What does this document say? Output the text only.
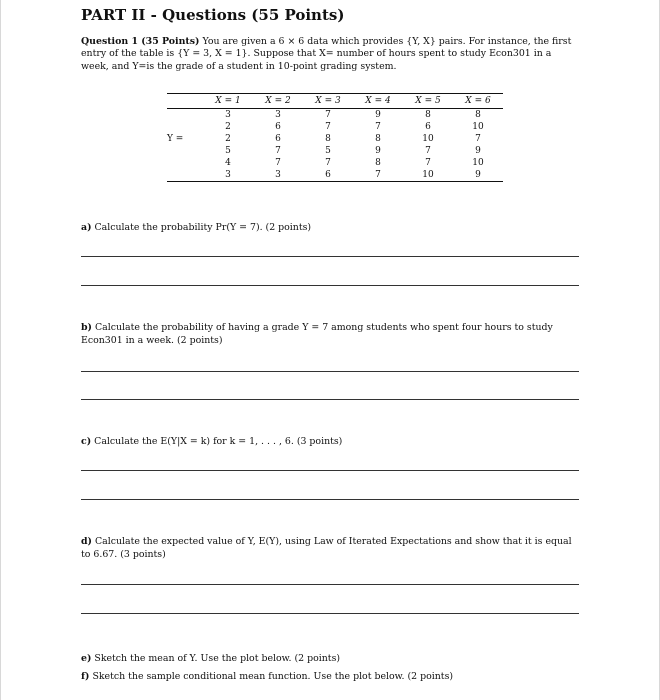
PART II - Questions (55 Points)

Question 1 (35 Points) You are given a 6 × 6 data which provides {Y, X} pairs. For instance, the first entry of the table is {Y = 3, X = 1}. Suppose that X= number of hours spent to study Econ301 in a week, and Y=is the grade of a student in 10-point grading system.

	X = 1	X = 2	X = 3	X = 4	X = 5	X = 6
	3	3	7	9	8	8
	2	6	7	7	6	10
Y =	2	6	8	8	10	7
	5	7	5	9	7	9
	4	7	7	8	7	10
	3	3	6	7	10	9

a) Calculate the probability Pr(Y = 7). (2 points)

b) Calculate the probability of having a grade Y = 7 among students who spent four hours to study Econ301 in a week. (2 points)

c) Calculate the E(Y|X = k) for k = 1, . . . , 6. (3 points)

d) Calculate the expected value of Y, E(Y), using Law of Iterated Expectations and show that it is equal to 6.67. (3 points)

e) Sketch the mean of Y. Use the plot below. (2 points)

f) Sketch the sample conditional mean function. Use the plot below. (2 points)
